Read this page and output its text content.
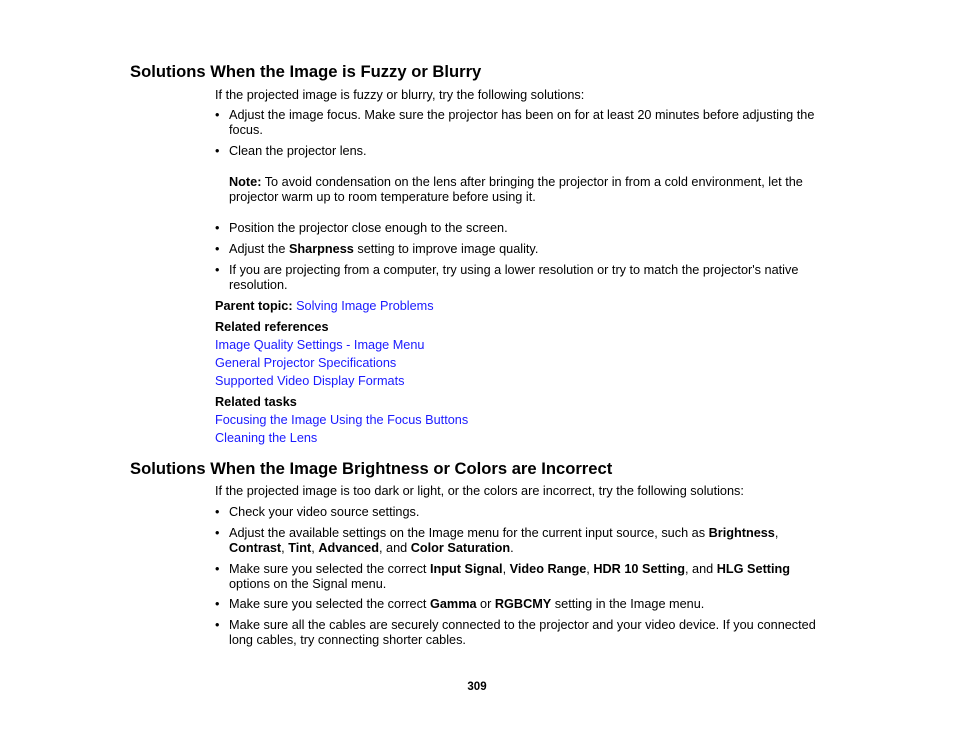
Solutions When the Image is Fuzzy or Blurry

If the projected image is fuzzy or blurry, try the following solutions:

• Adjust the image focus. Make sure the projector has been on for at least 20 minutes before adjusting the focus.
• Clean the projector lens.
Note: To avoid condensation on the lens after bringing the projector in from a cold environment, let the projector warm up to room temperature before using it.
• Position the projector close enough to the screen.
• Adjust the Sharpness setting to improve image quality.
• If you are projecting from a computer, try using a lower resolution or try to match the projector's native resolution.

Parent topic: Solving Image Problems

Related references

Image Quality Settings - Image Menu

General Projector Specifications

Supported Video Display Formats

Related tasks

Focusing the Image Using the Focus Buttons

Cleaning the Lens

Solutions When the Image Brightness or Colors are Incorrect

If the projected image is too dark or light, or the colors are incorrect, try the following solutions:

• Check your video source settings.
• Adjust the available settings on the Image menu for the current input source, such as Brightness,
Contrast, Tint, Advanced, and Color Saturation.
• Make sure you selected the correct Input Signal, Video Range, HDR 10 Setting, and HLG Setting
options on the Signal menu.
• Make sure you selected the correct Gamma or RGBCMY setting in the Image menu.
• Make sure all the cables are securely connected to the projector and your video device. If you connected long cables, try connecting shorter cables.

309
